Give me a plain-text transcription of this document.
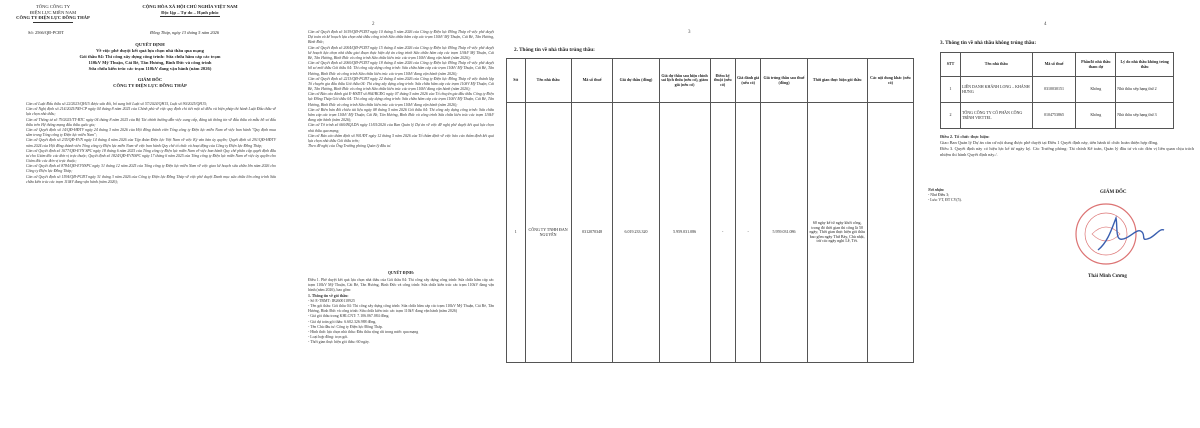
TỔNG CÔNG TY
ĐIỆN LỰC MIỀN NAM
CÔNG TY ĐIỆN LỰC ĐỒNG THÁP
CỘNG HÒA XÃ HỘI CHỦ NGHĨA VIỆT NAM
Độc lập – Tự do – Hạnh phúc
Số: 2566/QĐ-PCĐT	Đồng Tháp, ngày 13 tháng 5 năm 2026
QUYẾT ĐỊNH
Về việc phê duyệt kết quả lựa chọn nhà thầu qua mạng
Gói thầu 04: Thi công xây dựng công trình: Sửa chữa hâm cáp các trạm
110kV Mỹ Thuận, Cái Bè, Tân Hương, Bình Đức và công trình
Sửa chữa kiến trúc các trạm 110kV đang vận hành (năm 2026)
GIÁM ĐỐC
CÔNG TY ĐIỆN LỰC ĐỒNG THÁP

Căn cứ Luật Đấu thầu số 22/2023/QH15 được sửa đổi, bổ sung bởi Luật số 57/2024/QH15, Luật số 90/2025/QH15;

Căn cứ Nghị định số 214/2025/NĐ-CP ngày 04 tháng 8 năm 2025 của Chính phủ về việc quy định chi tiết một số điều và biện pháp thi hành Luật Đấu thầu về lựa chọn nhà thầu;

Căn cứ Thông tư số 79/2025/TT-BTC ngày 04 tháng 8 năm 2025 của Bộ Tài chính hướng dẫn việc cung cấp, đăng tải thông tin về đấu thầu và mẫu hồ sơ đấu thầu trên Hệ thống mạng đấu thầu quốc gia;

Căn cứ Quyết định số 14/QĐ-HĐTV ngày 24 tháng 3 năm 2026 của Hội đồng thành viên Tổng công ty Điện lực miền Nam về việc ban hành "Quy định mua sắm trong Tổng công ty Điện lực miền Nam";

Căn cứ Quyết định số 235/QĐ-EVN ngày 14 tháng 4 năm 2026 của Tập đoàn Điện lực Việt Nam về việc Ký văn bản ủy quyền; Quyết định số 291/QĐ-HĐTV năm 2024 của Hội đồng thành viên Tổng công ty Điện lực miền Nam về việc ban hành Quy chế tổ chức và hoạt động của Công ty Điện lực Đồng Tháp;

Căn cứ Quyết định số 1677/QĐ-EVN SPC ngày 18 tháng 6 năm 2025 của Tổng công ty Điện lực miền Nam về việc ban hành Quy chế phân cấp quyết định đầu tư cho Giám đốc các đơn vị trực thuộc; Quyết định số 1824/QĐ-EVNSPC ngày 17 tháng 6 năm 2025 của Tổng công ty Điện lực miền Nam về việc ủy quyền cho Giám đốc các đơn vị trực thuộc;

Căn cứ Quyết định số 8784/QĐ-EVNSPC ngày 31 tháng 12 năm 2025 của Tổng công ty Điện lực miền Nam về việc giao kế hoạch sửa chữa lớn năm 2026 cho Công ty Điện lực Đồng Tháp;

Căn cứ Quyết định số 1594/QĐ-PCĐT ngày 31 tháng 3 năm 2026 của Công ty Điện lực Đồng Tháp về việc phê duyệt Danh mục sửa chữa lớn công trình Sửa chữa kiến trúc các trạm 110kV đang vận hành (năm 2026);

2

Căn cứ Quyết định số 1619/QĐ-PCĐT ngày 10 tháng 5 năm 2026 của Công ty Điện lực Đồng Tháp về việc phê duyệt Dự toán và kế hoạch lựa chọn nhà thầu công trình Sửa chữa hâm cáp các trạm 110kV Mỹ Thuận, Cái Bè, Tân Hương, Bình Đức;

Căn cứ Quyết định số 2004/QĐ-PCĐT ngày 15 tháng 4 năm 2026 của Công ty Điện lực Đồng Tháp về việc phê duyệt kế hoạch lựa chọn nhà thầu giai đoạn thực hiện dự án công trình Sửa chữa hâm cáp các trạm 110kV Mỹ Thuận, Cái Bè, Tân Hương, Bình Đức và công trình Sửa chữa kiến trúc các trạm 110kV đang vận hành (năm 2026);

Căn cứ Quyết định số 2060/QĐ-PCĐT ngày 18 tháng 4 năm 2026 của Công ty Điện lực Đồng Tháp về việc phê duyệt hồ sơ mời thầu Gói thầu 04: Thi công xây dựng công trình: Sửa chữa hâm cáp các trạm 110kV Mỹ Thuận, Cái Bè, Tân Hương, Bình Đức và công trình Sửa chữa kiến trúc các trạm 110kV đang vận hành (năm 2026);

Căn cứ Quyết định số 2213/QĐ-PCĐT ngày 22 tháng 4 năm 2026 của Công ty Điện lực Đồng Tháp về việc thành lập Tổ chuyên gia đấu thầu Gói thầu 04: Thi công xây dựng công trình: Sửa chữa hâm cáp các trạm 110kV Mỹ Thuận, Cái Bè, Tân Hương, Bình Đức và công trình Sửa chữa kiến trúc các trạm 110kV đang vận hành (năm 2026);

Căn cứ Báo cáo đánh giá E-HSDT số 864/BCĐG ngày 07 tháng 5 năm 2026 của Tổ chuyên gia đấu thầu Công ty Điện lực Đồng Tháp Gói thầu 04: Thi công xây dựng công trình: Sửa chữa hâm cáp các trạm 110kV Mỹ Thuận, Cái Bè, Tân Hương, Bình Đức và công trình Sửa chữa kiến trúc các trạm 110kV đang vận hành (năm 2026);

Căn cứ Biên bản đối chiếu tài liệu ngày 08 tháng 5 năm 2026 Gói thầu 04: Thi công xây dựng công trình: Sửa chữa hâm cáp các trạm 110kV Mỹ Thuận, Cái Bè, Tân Hương, Bình Đức và công trình Sửa chữa kiến trúc các trạm 110kV đang vận hành (năm 2026);

Căn cứ Tờ trình số 660/BQLDA ngày 11/05/2026 của Ban Quản lý Dự án về việc đề nghị phê duyệt kết quả lựa chọn nhà thầu qua mạng;

Căn cứ Báo cáo thẩm định số 901/ĐT ngày 12 tháng 5 năm 2026 của Tổ thẩm định về việc báo cáo thẩm định kết quả lựa chọn nhà thầu Gói thầu trên;

Theo đề nghị của Ông Trưởng phòng Quản lý đầu tư.

QUYẾT ĐỊNH:

Điều 1. Phê duyệt kết quả lựa chọn nhà thầu của Gói thầu 04: Thi công xây dựng công trình: Sửa chữa hâm cáp các trạm 110kV Mỹ Thuận, Cái Bè, Tân Hương, Bình Đức và công trình: Sửa chữa kiến trúc các trạm 110kV đang vận hành (năm 2026), bao gồm:

1. Thông tin về gói thầu:

- Số E-TBMT: IB2600118925

- Tên gói thầu: Gói thầu 04: Thi công xây dựng công trình: Sửa chữa hâm cáp các trạm 110kV Mỹ Thuận, Cái Bè, Tân Hương, Bình Đức và công trình: Sửa chữa kiến trúc các trạm 110kV đang vận hành (năm 2026)

- Giá gói thầu trong KHLCNT: 7.106.067.084 đồng.

- Giá dự toán gói thầu: 6.602.326.988 đồng.

- Tên Chủ đầu tư: Công ty Điện lực Đồng Tháp.

- Hình thức lựa chọn nhà thầu: Đấu thầu rộng rãi trong nước qua mạng

- Loại hợp đồng: trọn gói.

- Thời gian thực hiện gói thầu: 60 ngày.

3
2. Thông tin về nhà thầu trúng thầu:
Stt	Tên nhà thầu	Mã số thuế	Giá dự thầu (đồng)	Giá dự thầu sau hiệu chỉnh sai lệch thừa (nếu có), giảm giá (nếu có)	Điểm kỹ thuật (nếu có)	Giá đánh giá (nếu có)	Giá trúng thầu sau thuế (đồng)	Thời gian thực hiện gói thầu	Các nội dung khác (nếu có)
1	CÔNG TY TNHH ĐAN NGUYÊN	0312070348	6.019.233.320	5.959.031.086	-	-	5.959.031.086	60 ngày kể từ ngày khởi công, trong đó thời gian thi công là 50 ngày; Thời gian thực hiện gói thầu bao gồm ngày Thứ Bảy, Chủ nhật, trừ các ngày nghỉ Lễ, Tết.	
4
3. Thông tin về nhà thầu không trúng thầu:
STT	Tên nhà thầu	Mã số thuế	Phần/lô nhà thầu tham dự	Lý do nhà thầu không trúng thầu
1	LIÊN DANH KHÁNH LONG – KHÁNH HƯNG	0310030151	Không	Nhà thầu xếp hạng thứ 2
2	TỔNG CÔNG TY CỔ PHẦN CÔNG TRÌNH VIETTEL	0104753865	Không	Nhà thầu xếp hạng thứ 3

Điều 2. Tổ chức thực hiện:

Giao Ban Quản lý Dự án căn cứ nội dung được phê duyệt tại Điều 1 Quyết định này, tiến hành tổ chức hoàn thiện hợp đồng.

Điều 3. Quyết định này có hiệu lực kể từ ngày ký. Các Trưởng phòng: Tài chính Kế toán, Quản lý đầu tư và các đơn vị liên quan chịu trách nhiệm thi hành Quyết định này./.

Nơi nhận:
- Như Điều 3;
- Lưu: VT, ĐT CV(5).
GIÁM ĐỐC
Thái Minh Cương
